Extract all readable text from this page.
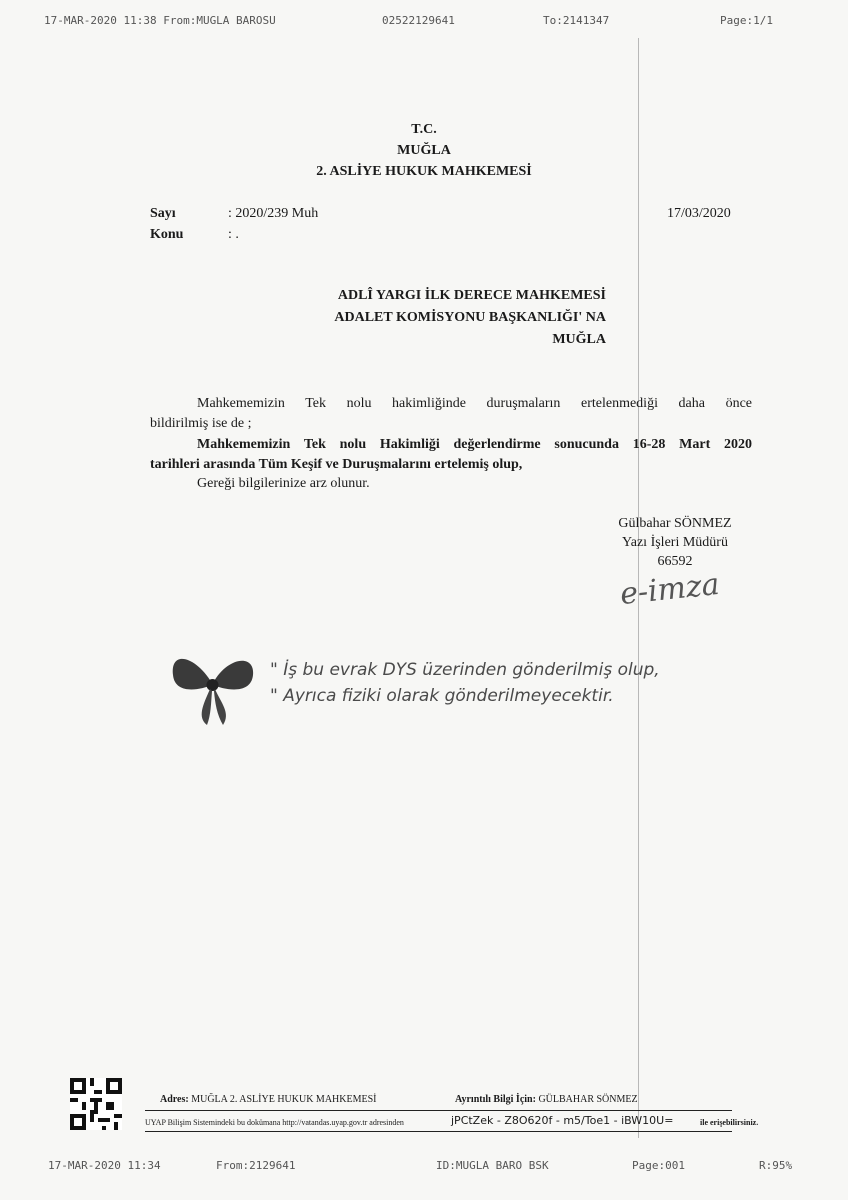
17-MAR-2020 11:38 From:MUGLA BAROSU	02522129641	To:2141347	Page:1/1
T.C.
MUĞLA
2. ASLİYE HUKUK MAHKEMESİ
Sayı	: 2020/239 Muh
Konu	: .
17/03/2020
ADLÎ YARGI İLK DERECE MAHKEMESİ
ADALET KOMİSYONU BAŞKANLIĞI' NA
MUĞLA
Mahkememizin Tek nolu hakimliğinde duruşmaların ertelenmediği daha önce
bildirilmiş ise de ;
Mahkememizin Tek nolu Hakimliği değerlendirme sonucunda 16-28 Mart 2020
tarihleri arasında Tüm Keşif ve Duruşmalarını ertelemiş olup,
Gereği bilgilerinize arz olunur.
Gülbahar SÖNMEZ
Yazı İşleri Müdürü
66592
e-imza
" İş bu evrak DYS üzerinden gönderilmiş olup,
" Ayrıca fiziki olarak gönderilmeyecektir.
Adres: MUĞLA 2. ASLİYE HUKUK MAHKEMESİ	Ayrıntılı Bilgi İçin: GÜLBAHAR SÖNMEZ
UYAP Bilişim Sistemindeki bu dokümana http://vatandas.uyap.gov.tr adresinden	jPCtZek - Z8O620f - m5/Toe1 - iBW10U=	ile erişebilirsiniz.
17-MAR-2020 11:34	From:2129641	ID:MUGLA BARO BSK	Page:001	R:95%
